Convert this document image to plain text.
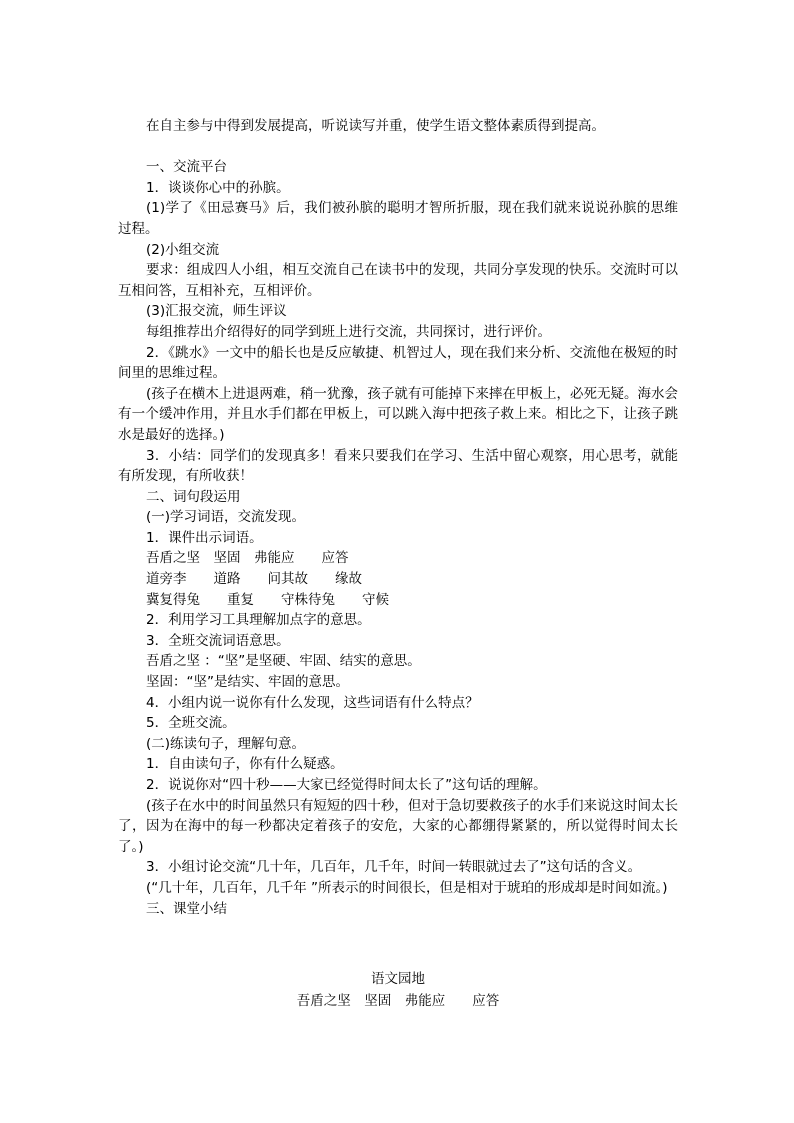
在自主参与中得到发展提高，听说读写并重，使学生语文整体素质得到提高。

一、交流平台

1．谈谈你心中的孙膑。

(1)学了《田忌赛马》后，我们被孙膑的聪明才智所折服，现在我们就来说说孙膑的思维过程。

(2)小组交流

要求：组成四人小组，相互交流自己在读书中的发现，共同分享发现的快乐。交流时可以互相问答，互相补充，互相评价。

(3)汇报交流，师生评议

每组推荐出介绍得好的同学到班上进行交流，共同探讨，进行评价。

2．《跳水》一文中的船长也是反应敏捷、机智过人，现在我们来分析、交流他在极短的时间里的思维过程。

(孩子在横木上进退两难，稍一犹豫，孩子就有可能掉下来摔在甲板上，必死无疑。海水会有一个缓冲作用，并且水手们都在甲板上，可以跳入海中把孩子救上来。相比之下，让孩子跳水是最好的选择。)

3．小结：同学们的发现真多！看来只要我们在学习、生活中留心观察，用心思考，就能有所发现，有所收获！

二、词句段运用

(一)学习词语，交流发现。

1．课件出示词语。

吾盾之坚　坚固　弗能应　　应答

道旁李　　道路　　问其故　　缘故

冀复得兔　　重复　　守株待兔　　守候

2．利用学习工具理解加点字的意思。

3．全班交流词语意思。

吾盾之坚 ：“坚”是坚硬、牢固、结实的意思。

坚固：“坚”是结实、牢固的意思。

4．小组内说一说你有什么发现，这些词语有什么特点？

5．全班交流。

(二)练读句子，理解句意。

1．自由读句子，你有什么疑惑。

2．说说你对“四十秒——大家已经觉得时间太长了”这句话的理解。

(孩子在水中的时间虽然只有短短的四十秒，但对于急切要救孩子的水手们来说这时间太长了，因为在海中的每一秒都决定着孩子的安危，大家的心都绷得紧紧的，所以觉得时间太长了。)

3．小组讨论交流“几十年，几百年，几千年，时间一转眼就过去了”这句话的含义。

(“几十年，几百年，几千年 ”所表示的时间很长，但是相对于琥珀的形成却是时间如流。)

三、课堂小结

语文园地

吾盾之坚　坚固　弗能应　　应答
